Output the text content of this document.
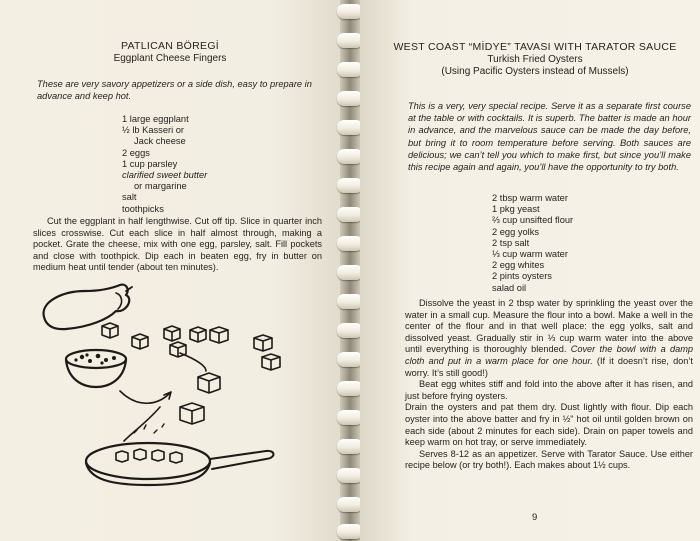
PATLICAN BÖREGİ
Eggplant Cheese Fingers
These are very savory appetizers or a side dish, easy to prepare in advance and keep hot.
1 large eggplant
½ lb Kasseri or
Jack cheese
2 eggs
1 cup parsley
clarified sweet butter
or margarine
salt
toothpicks

Cut the eggplant in half lengthwise. Cut off tip. Slice in quarter inch slices crosswise. Cut each slice in half almost through, making a pocket. Grate the cheese, mix with one egg, parsley, salt. Fill pockets and close with toothpick. Dip each in beaten egg, fry in butter on medium heat until tender (about ten minutes).

WEST COAST “MİDYE” TAVASI WITH TARATOR SAUCE
Turkish Fried Oysters
(Using Pacific Oysters instead of Mussels)
This is a very, very special recipe. Serve it as a separate first course at the table or with cocktails. It is superb. The batter is made an hour in advance, and the marvelous sauce can be made the day before, but bring it to room temperature before serving. Both sauces are delicious; we can’t tell you which to make first, but since you’ll make this recipe again and again, you’ll have the opportunity to try both.
2 tbsp warm water
1 pkg yeast
⅔ cup unsifted flour
2 egg yolks
2 tsp salt
⅓ cup warm water
2 egg whites
2 pints oysters
salad oil

Dissolve the yeast in 2 tbsp water by sprinkling the yeast over the water in a small cup. Measure the flour into a bowl. Make a well in the center of the flour and in that well place: the egg yolks, salt and dissolved yeast. Gradually stir in ⅓ cup warm water into the above until everything is thoroughly blended. Cover the bowl with a damp cloth and put in a warm place for one hour. (If it doesn’t rise, don’t worry. It’s still good!)

Beat egg whites stiff and fold into the above after it has risen, and just before frying oysters.

Drain the oysters and pat them dry. Dust lightly with flour. Dip each oyster into the above batter and fry in ½" hot oil until golden brown on each side (about 2 minutes for each side). Drain on paper towels and keep warm on hot tray, or serve immediately.

Serves 8-12 as an appetizer. Serve with Tarator Sauce. Use either recipe below (or try both!). Each makes about 1½ cups.

9
